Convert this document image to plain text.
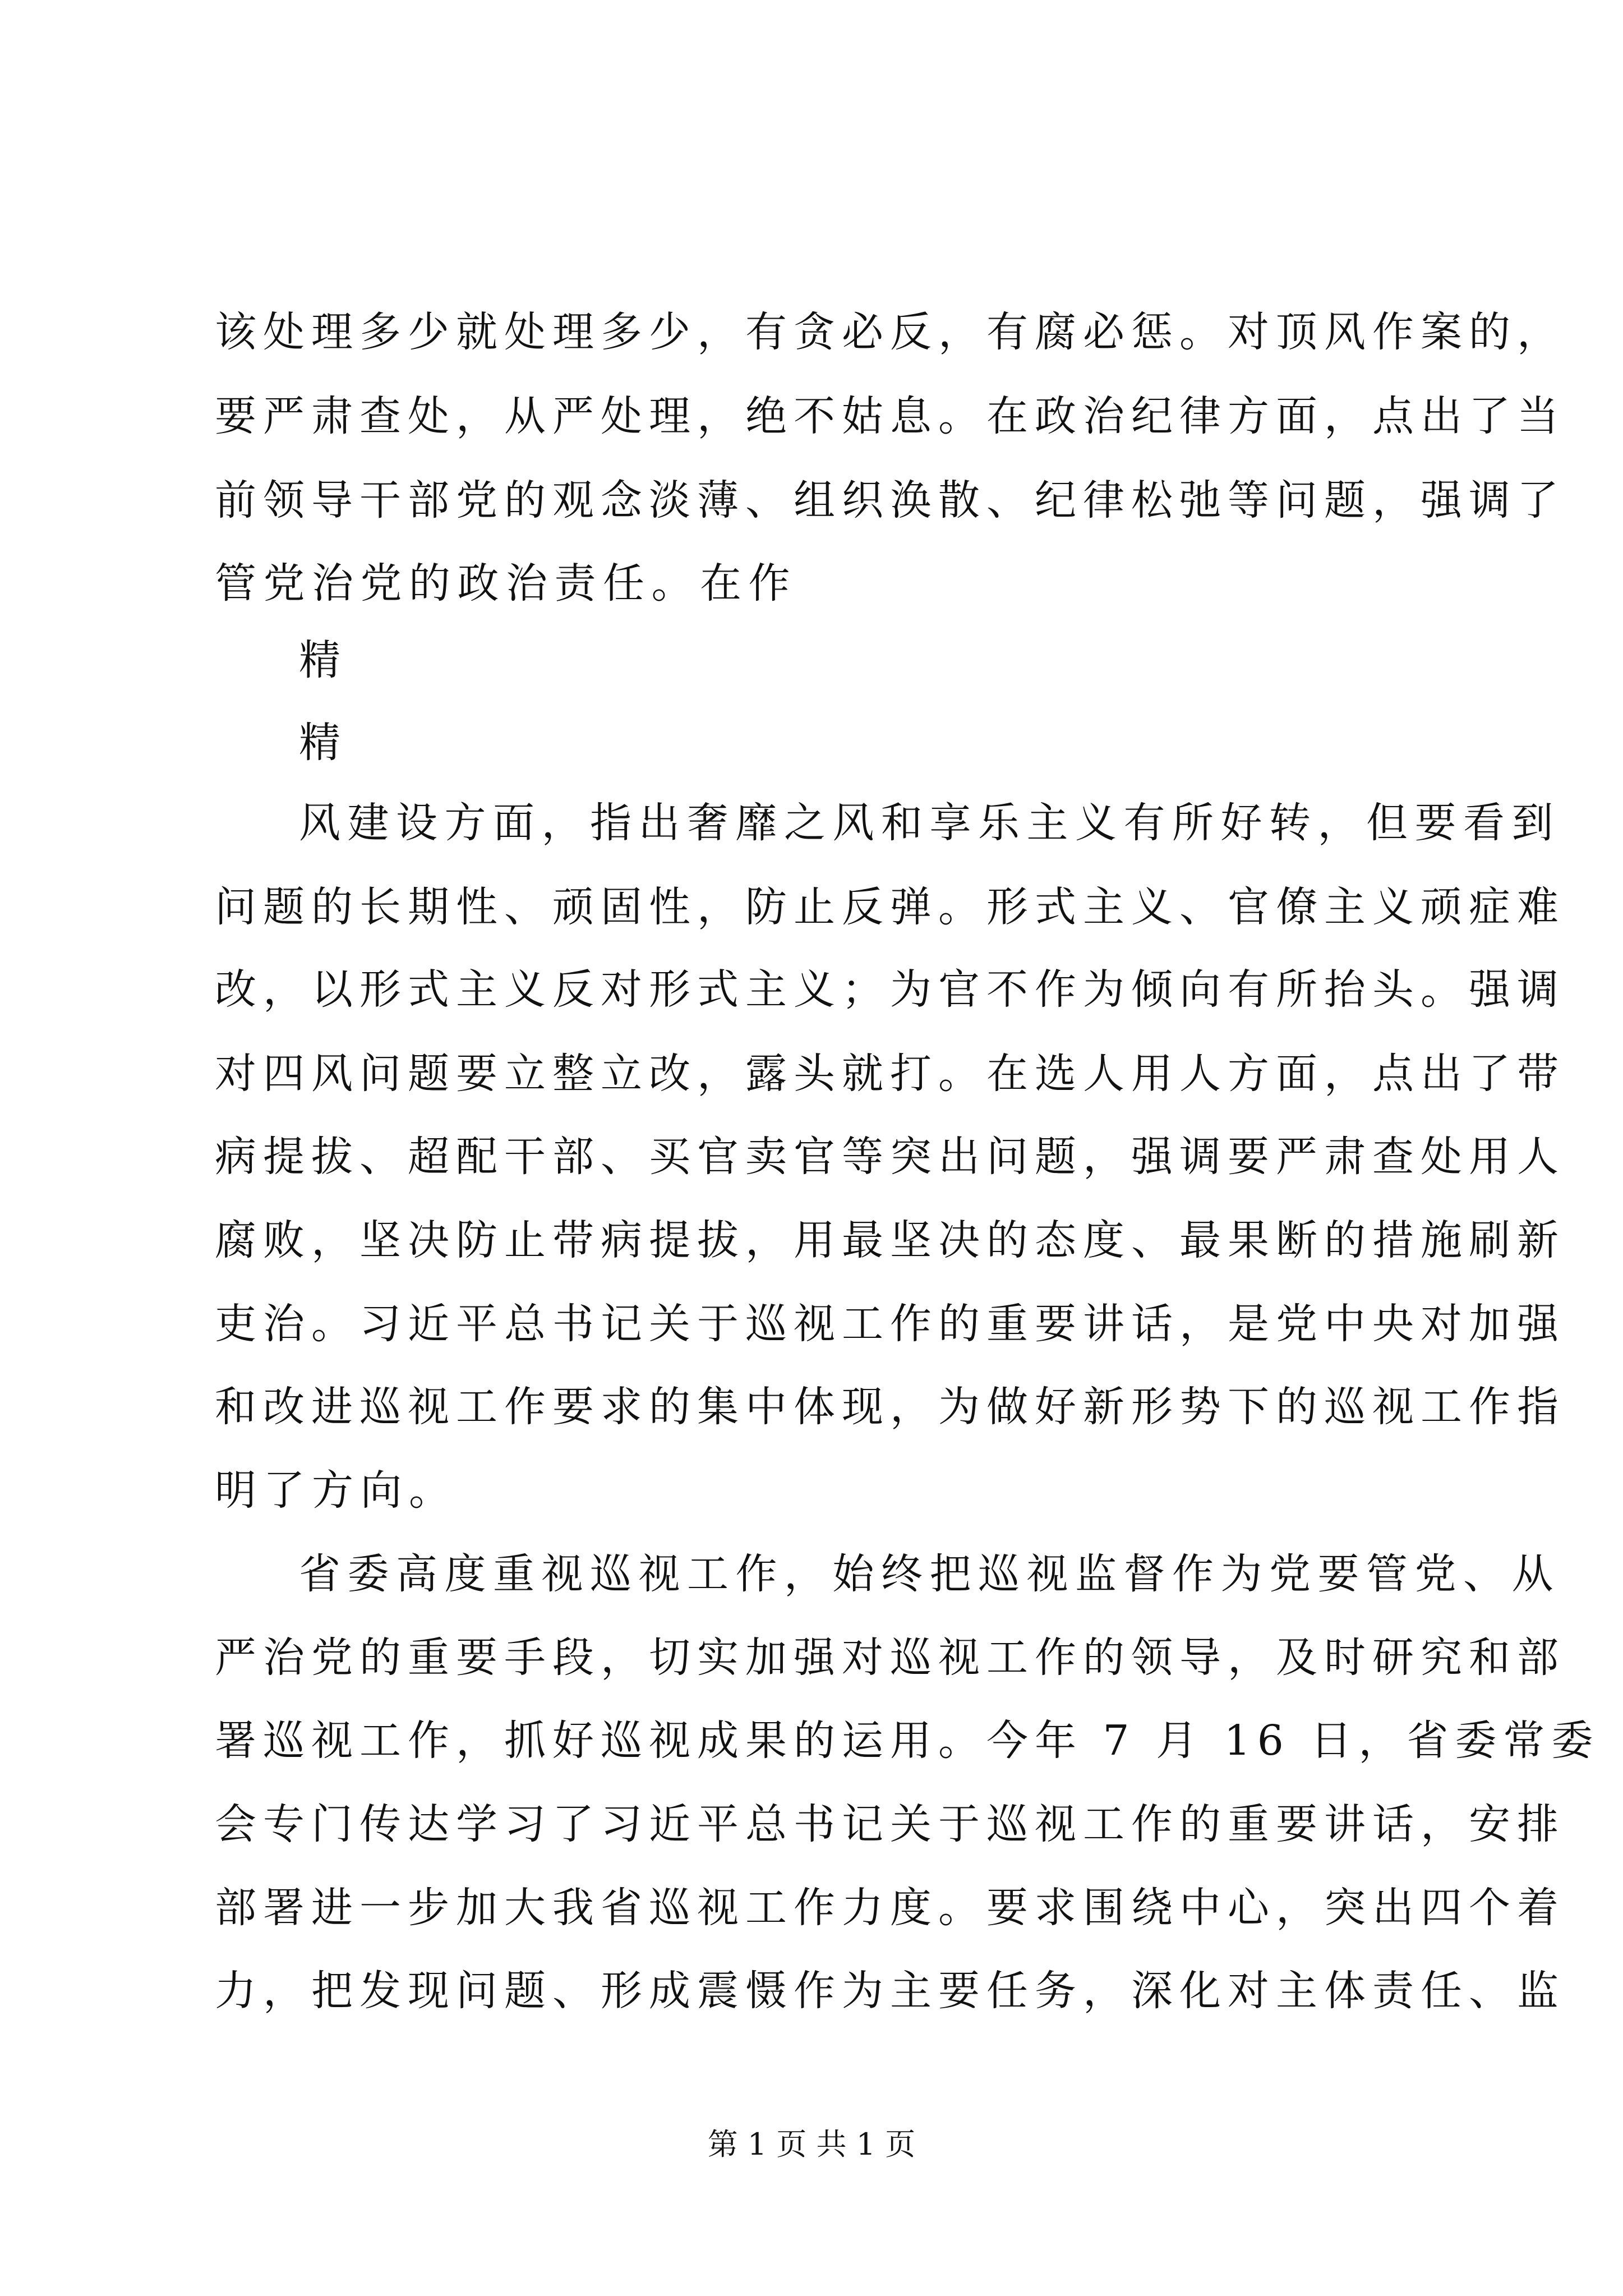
该处理多少就处理多少，有贪必反，有腐必惩。对顶风作案的，
要严肃查处，从严处理，绝不姑息。在政治纪律方面，点出了当
前领导干部党的观念淡薄、组织涣散、纪律松弛等问题，强调了
管党治党的政治责任。在作
精
精
风建设方面，指出奢靡之风和享乐主义有所好转，但要看到
问题的长期性、顽固性，防止反弹。形式主义、官僚主义顽症难
改，以形式主义反对形式主义；为官不作为倾向有所抬头。强调
对四风问题要立整立改，露头就打。在选人用人方面，点出了带
病提拔、超配干部、买官卖官等突出问题，强调要严肃查处用人
腐败，坚决防止带病提拔，用最坚决的态度、最果断的措施刷新
吏治。习近平总书记关于巡视工作的重要讲话，是党中央对加强
和改进巡视工作要求的集中体现，为做好新形势下的巡视工作指
明了方向。
省委高度重视巡视工作，始终把巡视监督作为党要管党、从
严治党的重要手段，切实加强对巡视工作的领导，及时研究和部
署巡视工作，抓好巡视成果的运用。今年 7 月 16 日，省委常委
会专门传达学习了习近平总书记关于巡视工作的重要讲话，安排
部署进一步加大我省巡视工作力度。要求围绕中心，突出四个着
力，把发现问题、形成震慑作为主要任务，深化对主体责任、监
第 1 页 共 1 页
